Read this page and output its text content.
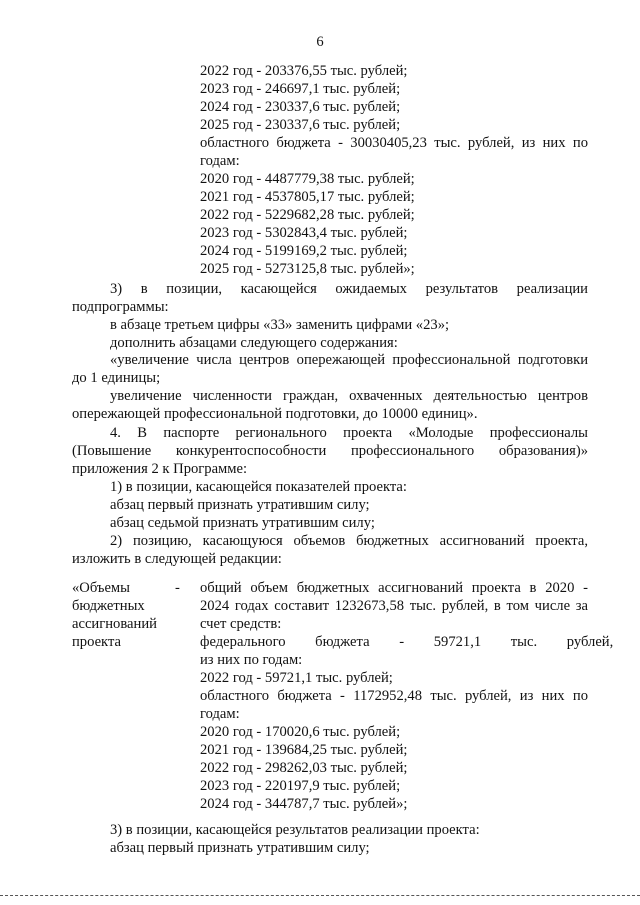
6
2022 год - 203376,55 тыс. рублей;
2023 год - 246697,1 тыс. рублей;
2024 год - 230337,6 тыс. рублей;
2025 год - 230337,6 тыс. рублей;
областного бюджета - 30030405,23 тыс. рублей, из них по
годам:
2020 год - 4487779,38 тыс. рублей;
2021 год - 4537805,17 тыс. рублей;
2022 год - 5229682,28 тыс. рублей;
2023 год - 5302843,4 тыс. рублей;
2024 год - 5199169,2 тыс. рублей;
2025 год - 5273125,8 тыс. рублей»;
3) в позиции, касающейся ожидаемых результатов реализации
подпрограммы:
в абзаце третьем цифры «33» заменить цифрами «23»;
дополнить абзацами следующего содержания:
«увеличение числа центров опережающей профессиональной подготовки
до 1 единицы;
увеличение численности граждан, охваченных деятельностью центров
опережающей профессиональной подготовки, до 10000 единиц».
4. В паспорте регионального проекта «Молодые профессионалы
(Повышение конкурентоспособности профессионального образования)»
приложения 2 к Программе:
1) в позиции, касающейся показателей проекта:
абзац первый признать утратившим силу;
абзац седьмой признать утратившим силу;
2) позицию, касающуюся объемов бюджетных ассигнований проекта,
изложить в следующей редакции:
«Объемы
бюджетных
ассигнований
проекта
- общий объем бюджетных ассигнований проекта в 2020 -
2024 годах составит 1232673,58 тыс. рублей, в том числе за
счет средств:
федерального бюджета - 59721,1 тыс. рублей,
из них по годам:
2022 год - 59721,1 тыс. рублей;
областного бюджета - 1172952,48 тыс. рублей, из них по
годам:
2020 год - 170020,6 тыс. рублей;
2021 год - 139684,25 тыс. рублей;
2022 год - 298262,03 тыс. рублей;
2023 год - 220197,9 тыс. рублей;
2024 год - 344787,7 тыс. рублей»;
3) в позиции, касающейся результатов реализации проекта:
абзац первый признать утратившим силу;
